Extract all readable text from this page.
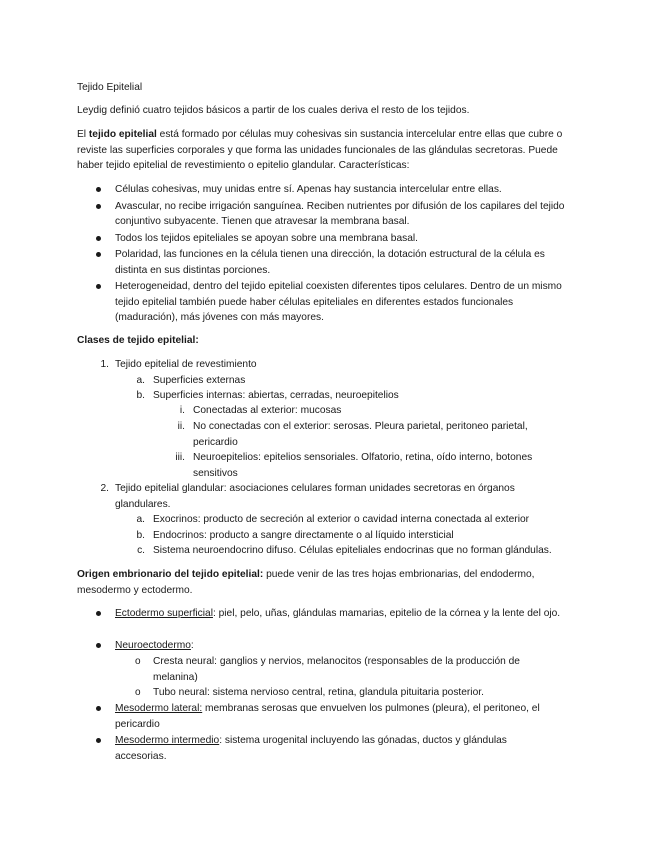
Tejido Epitelial

Leydig definió cuatro tejidos básicos a partir de los cuales deriva el resto de los tejidos.

El tejido epitelial está formado por células muy cohesivas sin sustancia intercelular entre ellas que cubre o reviste las superficies corporales y que forma las unidades funcionales de las glándulas secretoras. Puede haber tejido epitelial de revestimiento o epitelio glandular. Características:

Células cohesivas, muy unidas entre sí. Apenas hay sustancia intercelular entre ellas.
Avascular, no recibe irrigación sanguínea. Reciben nutrientes por difusión de los capilares del tejido conjuntivo subyacente. Tienen que atravesar la membrana basal.
Todos los tejidos epiteliales se apoyan sobre una membrana basal.
Polaridad, las funciones en la célula tienen una dirección, la dotación estructural de la célula es distinta en sus distintas porciones.
Heterogeneidad, dentro del tejido epitelial coexisten diferentes tipos celulares. Dentro de un mismo tejido epitelial también puede haber células epiteliales en diferentes estados funcionales (maduración), más jóvenes con más mayores.

Clases de tejido epitelial:

1. Tejido epitelial de revestimiento
a. Superficies externas
b. Superficies internas: abiertas, cerradas, neuroepitelios
i. Conectadas al exterior: mucosas
ii. No conectadas con el exterior: serosas. Pleura parietal, peritoneo parietal, pericardio
iii. Neuroepitelios: epitelios sensoriales. Olfatorio, retina, oído interno, botones sensitivos
2. Tejido epitelial glandular: asociaciones celulares forman unidades secretoras en órganos glandulares.
a. Exocrinos: producto de secreción al exterior o cavidad interna conectada al exterior
b. Endocrinos: producto a sangre directamente o al líquido intersticial
c. Sistema neuroendocrino difuso. Células epiteliales endocrinas que no forman glándulas.

Origen embrionario del tejido epitelial: puede venir de las tres hojas embrionarias, del endodermo, mesodermo y ectodermo.

Ectodermo superficial: piel, pelo, uñas, glándulas mamarias, epitelio de la córnea y la lente del ojo.
Neuroectodermo:
o Cresta neural: ganglios y nervios, melanocitos (responsables de la producción de melanina)
o Tubo neural: sistema nervioso central, retina, glandula pituitaria posterior.
Mesodermo lateral: membranas serosas que envuelven los pulmones (pleura), el peritoneo, el pericardio
Mesodermo intermedio: sistema urogenital incluyendo las gónadas, ductos y glándulas accesorias.
